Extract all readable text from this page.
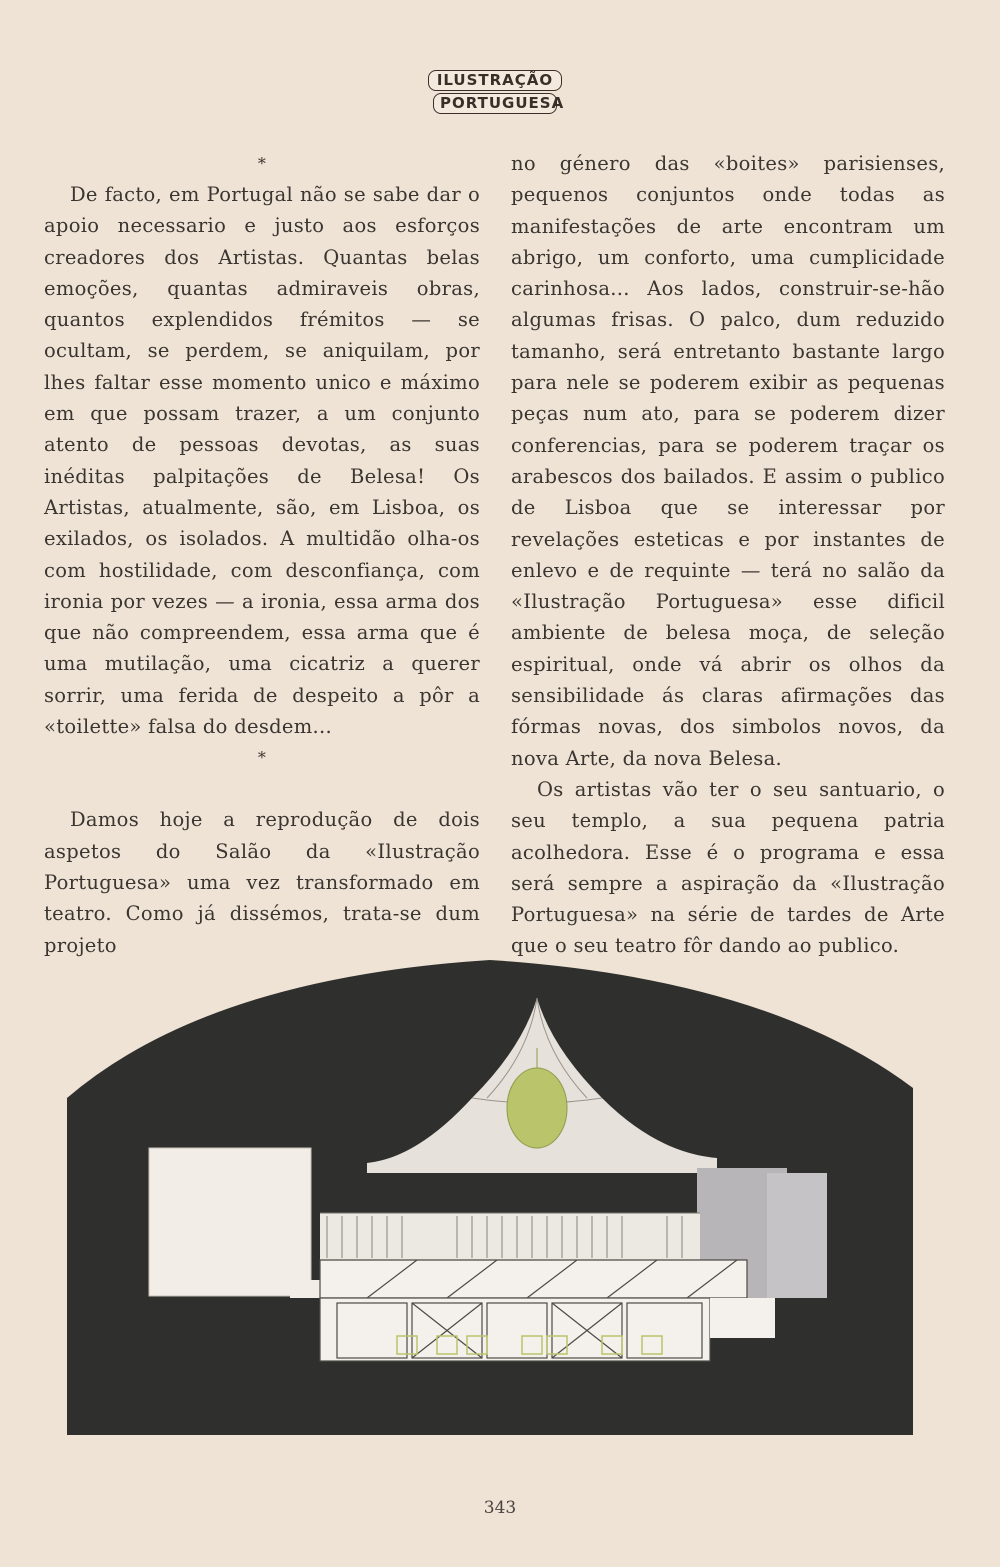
ILUSTRAÇÃO
PORTUGUESA
*

De facto, em Portugal não se sabe dar o apoio necessario e justo aos esforços creadores dos Artistas. Quantas belas emoções, quantas admiraveis obras, quantos explendidos frémitos — se ocultam, se perdem, se aniquilam, por lhes faltar esse momento unico e máximo em que possam trazer, a um conjunto atento de pessoas devotas, as suas inéditas palpitações de Belesa! Os Artistas, atualmente, são, em Lisboa, os exilados, os isolados. A multidão olha-os com hostilidade, com desconfiança, com ironia por vezes — a ironia, essa arma dos que não compreendem, essa arma que é uma mutilação, uma cicatriz a querer sorrir, uma ferida de despeito a pôr a «toilette» falsa do desdem...

*

Damos hoje a reprodução de dois aspetos do Salão da «Ilustração Portuguesa» uma vez transformado em teatro. Como já dissémos, trata-se dum projeto

no género das «boites» parisienses, pequenos conjuntos onde todas as manifestações de arte encontram um abrigo, um conforto, uma cumplicidade carinhosa... Aos lados, construir-se-hão algumas frisas. O palco, dum reduzido tamanho, será entretanto bastante largo para nele se poderem exibir as pequenas peças num ato, para se poderem dizer conferencias, para se poderem traçar os arabescos dos bailados. E assim o publico de Lisboa que se interessar por revelações esteticas e por instantes de enlevo e de requinte — terá no salão da «Ilustração Portuguesa» esse dificil ambiente de belesa moça, de seleção espiritual, onde vá abrir os olhos da sensibilidade ás claras afirmações das fórmas novas, dos simbolos novos, da nova Arte, da nova Belesa.

Os artistas vão ter o seu santuario, o seu templo, a sua pequena patria acolhedora. Esse é o programa e essa será sempre a aspiração da «Ilustração Portuguesa» na série de tardes de Arte que o seu teatro fôr dando ao publico.

343
